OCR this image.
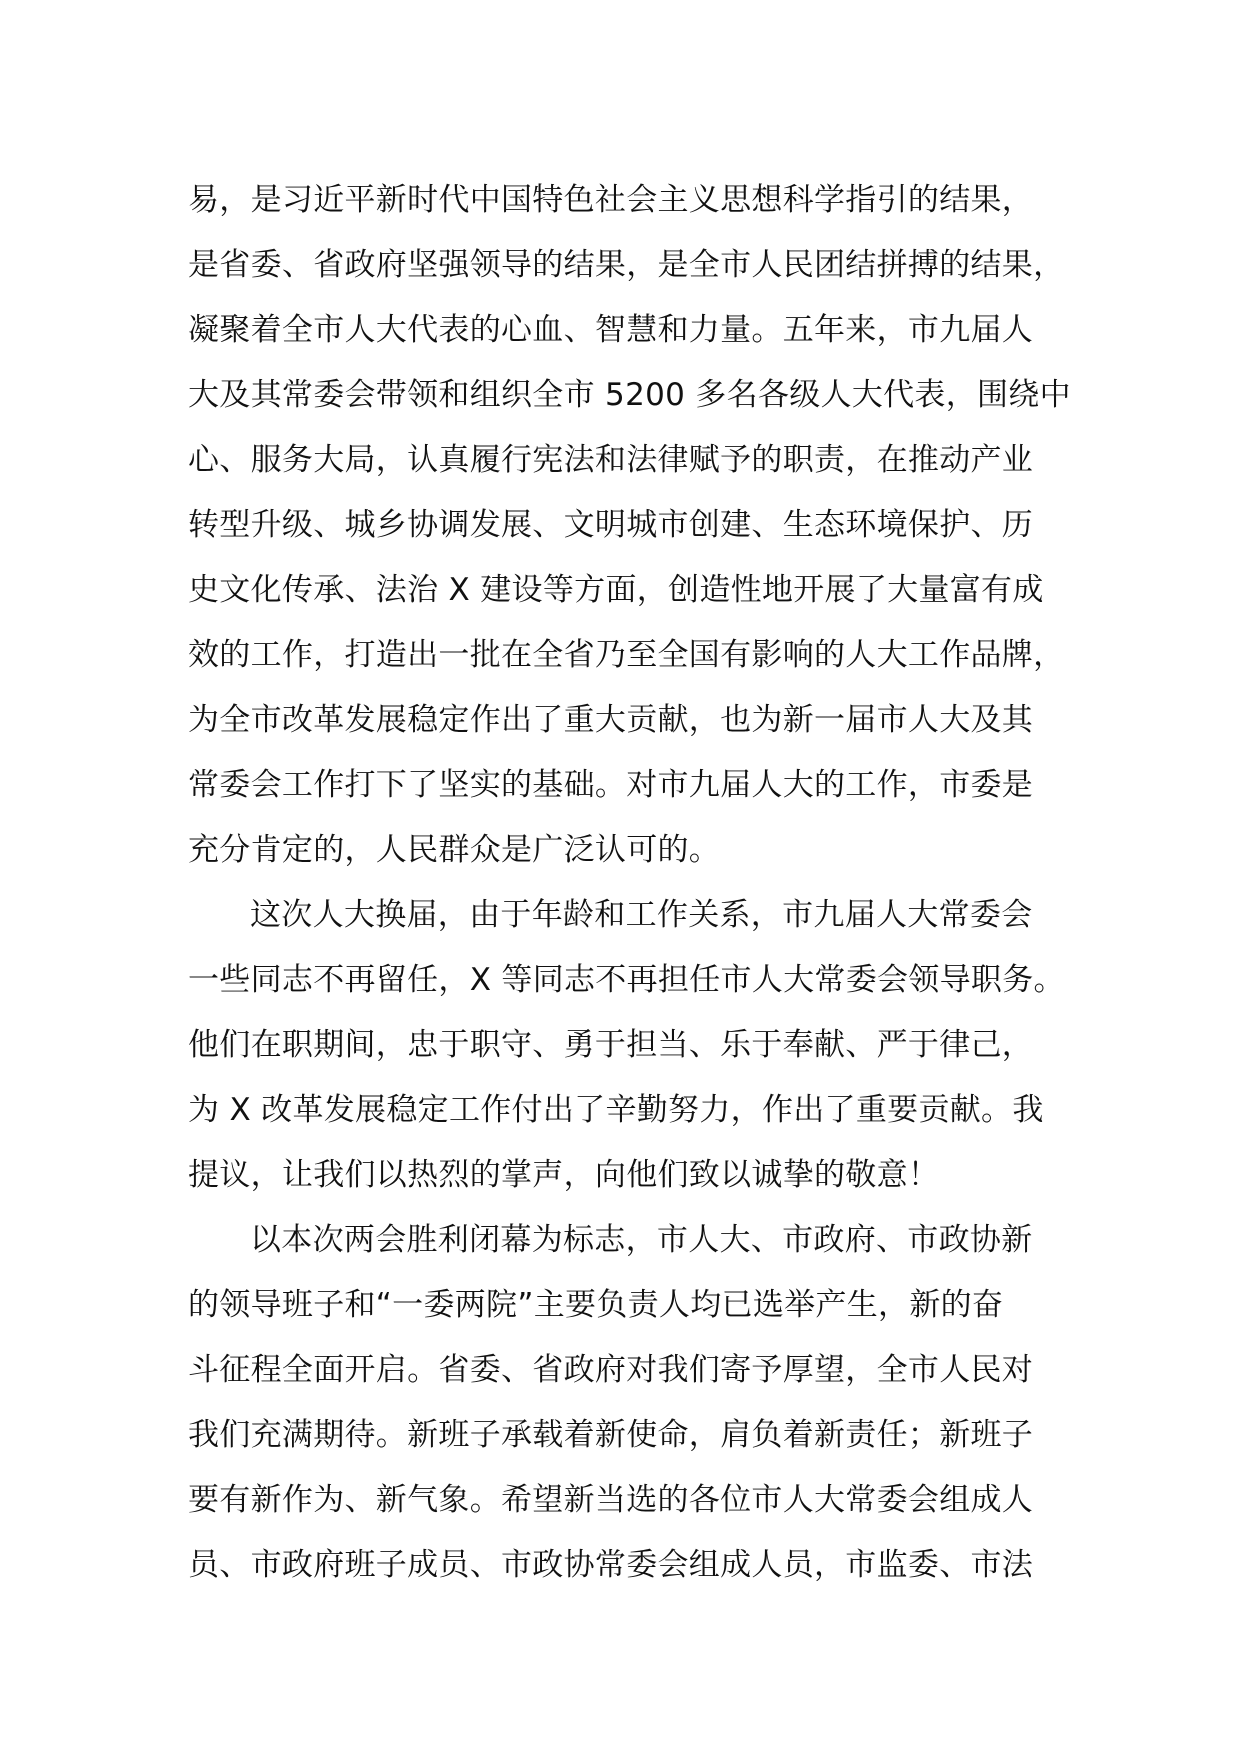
易，是习近平新时代中国特色社会主义思想科学指引的结果，
是省委、省政府坚强领导的结果，是全市人民团结拼搏的结果，
凝聚着全市人大代表的心血、智慧和力量。五年来，市九届人
大及其常委会带领和组织全市 5200 多名各级人大代表，围绕中
心、服务大局，认真履行宪法和法律赋予的职责，在推动产业
转型升级、城乡协调发展、文明城市创建、生态环境保护、历
史文化传承、法治 X 建设等方面，创造性地开展了大量富有成
效的工作，打造出一批在全省乃至全国有影响的人大工作品牌，
为全市改革发展稳定作出了重大贡献，也为新一届市人大及其
常委会工作打下了坚实的基础。对市九届人大的工作，市委是
充分肯定的，人民群众是广泛认可的。
这次人大换届，由于年龄和工作关系，市九届人大常委会
一些同志不再留任，X 等同志不再担任市人大常委会领导职务。
他们在职期间，忠于职守、勇于担当、乐于奉献、严于律己，
为 X 改革发展稳定工作付出了辛勤努力，作出了重要贡献。我
提议，让我们以热烈的掌声，向他们致以诚挚的敬意！
以本次两会胜利闭幕为标志，市人大、市政府、市政协新
的领导班子和“一委两院”主要负责人均已选举产生，新的奋
斗征程全面开启。省委、省政府对我们寄予厚望，全市人民对
我们充满期待。新班子承载着新使命，肩负着新责任；新班子
要有新作为、新气象。希望新当选的各位市人大常委会组成人
员、市政府班子成员、市政协常委会组成人员，市监委、市法
